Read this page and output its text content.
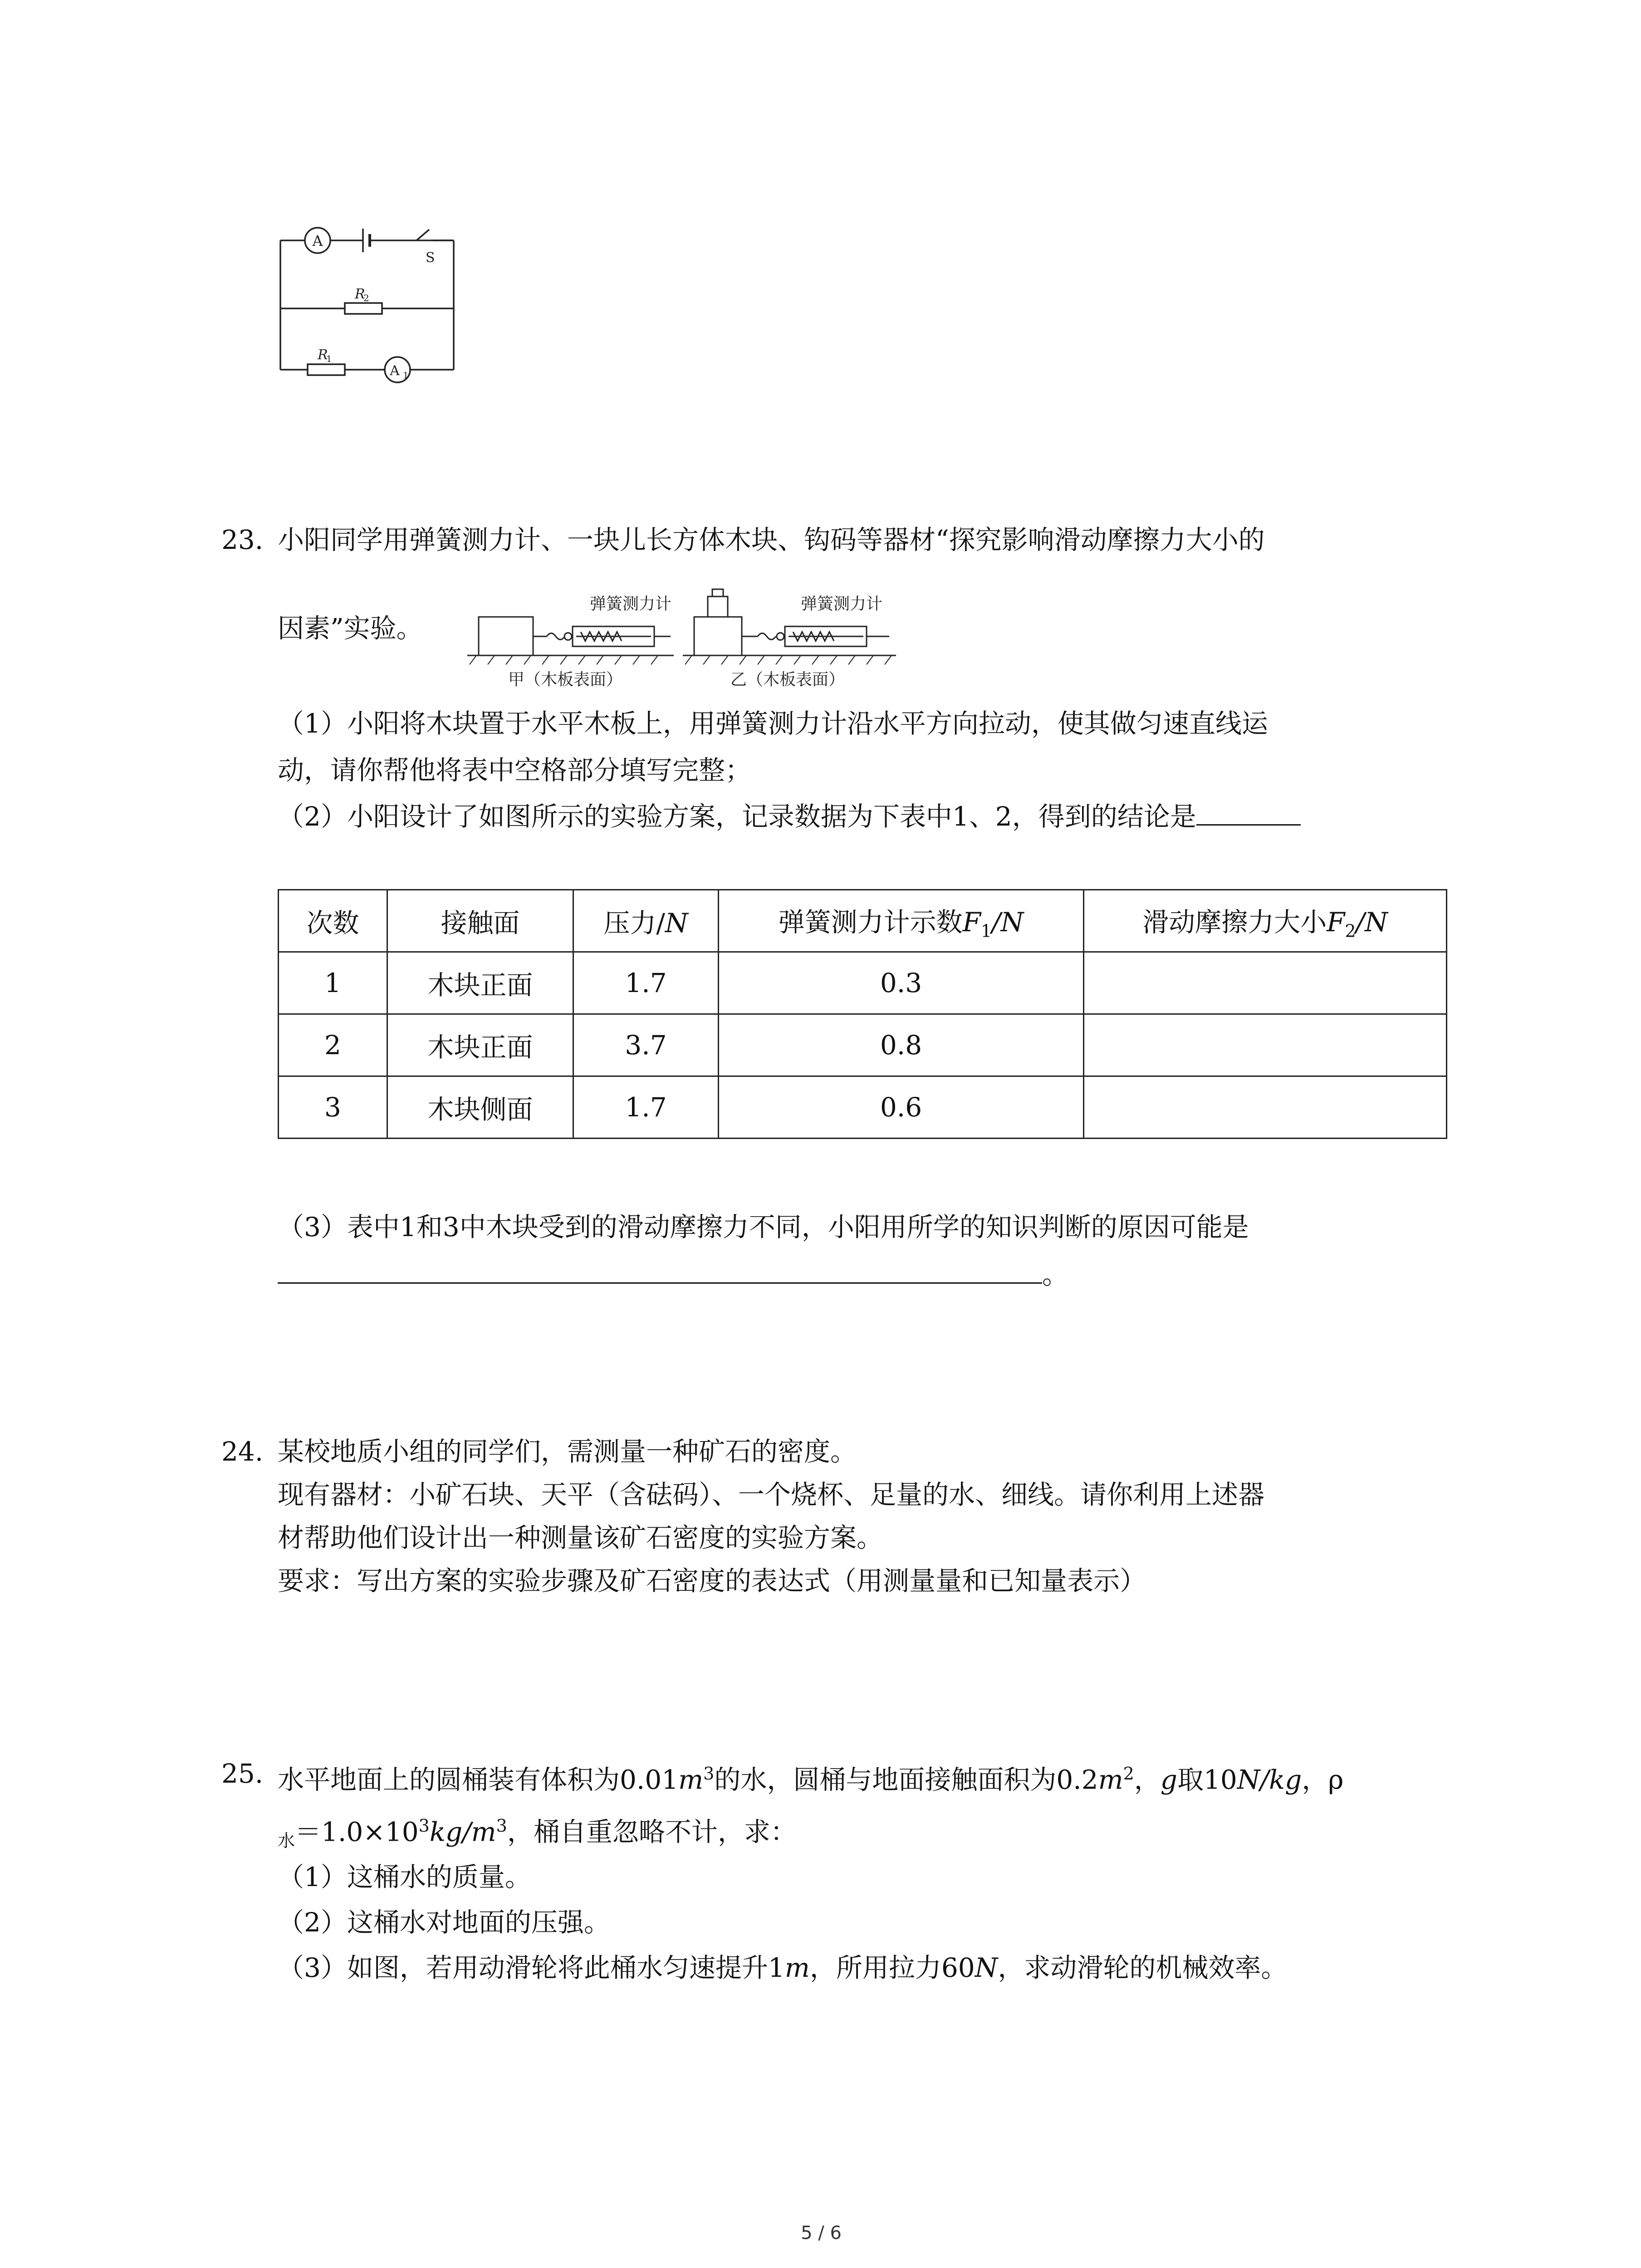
A
A 1
S
R
2
R
1
23. 小阳同学用弹簧测力计、一块儿长方体木块、钩码等器材“探究影响滑动摩擦力大小的
因素”实验。
弹簧测力计	弹簧测力计
甲（木板表面）	乙（木板表面）
（1）小阳将木块置于水平木板上，用弹簧测力计沿水平方向拉动，使其做匀速直线运
动，请你帮他将表中空格部分填写完整；
（2）小阳设计了如图所示的实验方案，记录数据为下表中1、2，得到的结论是
次数	接触面	压力/N	弹簧测力计示数$F_1/N$	滑动摩擦力大小$F_2/N$
1	木块正面	1.7	0.3	
2	木块正面	3.7	0.8	
3	木块侧面	1.7	0.6	
（3）表中1和3中木块受到的滑动摩擦力不同，小阳用所学的知识判断的原因可能是
。
24. 某校地质小组的同学们，需测量一种矿石的密度。
现有器材：小矿石块、天平（含砝码）、一个烧杯、足量的水、细线。请你利用上述器
材帮助他们设计出一种测量该矿石密度的实验方案。
要求：写出方案的实验步骤及矿石密度的表达式（用测量量和已知量表示）
25. 水平地面上的圆桶装有体积为$0.01m^3$的水，圆桶与地面接触面积为$0.2m^2$，g取10N/kg，ρ
$_水=1.0\times 10^3kg/m^3$，桶自重忽略不计，求：
（1）这桶水的质量。
（2）这桶水对地面的压强。
（3）如图，若用动滑轮将此桶水匀速提升1m，所用拉力60N，求动滑轮的机械效率。
5 / 6
